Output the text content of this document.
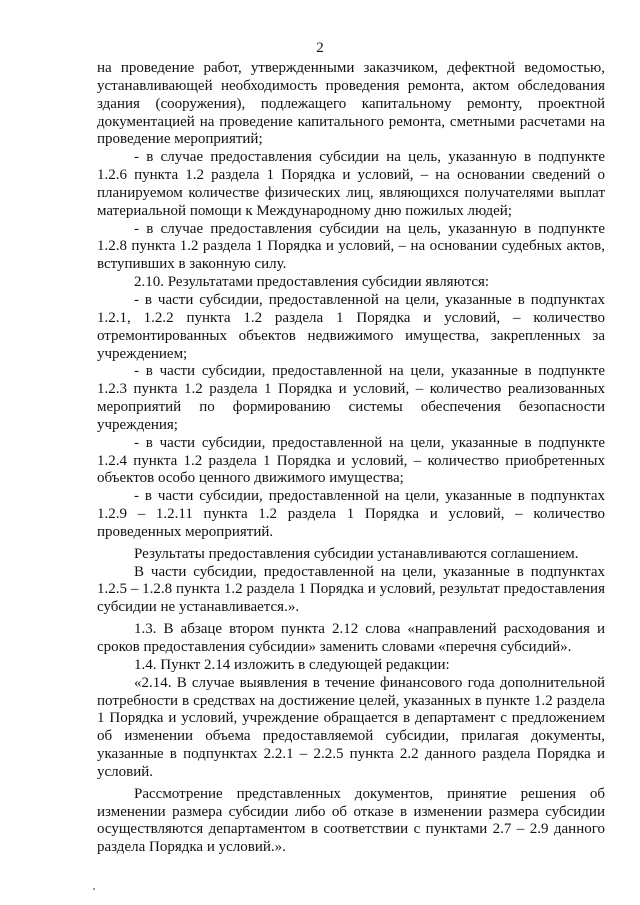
2

на проведение работ, утвержденными заказчиком, дефектной ведомостью, устанавливающей необходимость проведения ремонта, актом обследования здания (сооружения), подлежащего капитальному ремонту, проектной документацией на проведение капитального ремонта, сметными расчетами на проведение мероприятий;

- в случае предоставления субсидии на цель, указанную в подпункте 1.2.6 пункта 1.2 раздела 1 Порядка и условий, – на основании сведений о планируемом количестве физических лиц, являющихся получателями выплат материальной помощи к Международному дню пожилых людей;

- в случае предоставления субсидии на цель, указанную в подпункте 1.2.8 пункта 1.2 раздела 1 Порядка и условий, – на основании судебных актов, вступивших в законную силу.

2.10. Результатами предоставления субсидии являются:

- в части субсидии, предоставленной на цели, указанные в подпунктах 1.2.1, 1.2.2 пункта 1.2 раздела 1 Порядка и условий, – количество отремонтированных объектов недвижимого имущества, закрепленных за учреждением;

- в части субсидии, предоставленной на цели, указанные в подпункте 1.2.3 пункта 1.2 раздела 1 Порядка и условий, – количество реализованных мероприятий по формированию системы обеспечения безопасности учреждения;

- в части субсидии, предоставленной на цели, указанные в подпункте 1.2.4 пункта 1.2 раздела 1 Порядка и условий, – количество приобретенных объектов особо ценного движимого имущества;

- в части субсидии, предоставленной на цели, указанные в подпунктах 1.2.9 – 1.2.11 пункта 1.2 раздела 1 Порядка и условий, – количество проведенных мероприятий.

Результаты предоставления субсидии устанавливаются соглашением.

В части субсидии, предоставленной на цели, указанные в подпунктах 1.2.5 – 1.2.8 пункта 1.2 раздела 1 Порядка и условий, результат предоставления субсидии не устанавливается.».

1.3. В абзаце втором пункта 2.12 слова «направлений расходования и сроков предоставления субсидии» заменить словами «перечня субсидий».

1.4. Пункт 2.14 изложить в следующей редакции:

«2.14. В случае выявления в течение финансового года дополнительной потребности в средствах на достижение целей, указанных в пункте 1.2 раздела 1 Порядка и условий, учреждение обращается в департамент с предложением об изменении объема предоставляемой субсидии, прилагая документы, указанные в подпунктах 2.2.1 – 2.2.5 пункта 2.2 данного раздела Порядка и условий.

Рассмотрение представленных документов, принятие решения об изменении размера субсидии либо об отказе в изменении размера субсидии осуществляются департаментом в соответствии с пунктами 2.7 – 2.9 данного раздела Порядка и условий.».
